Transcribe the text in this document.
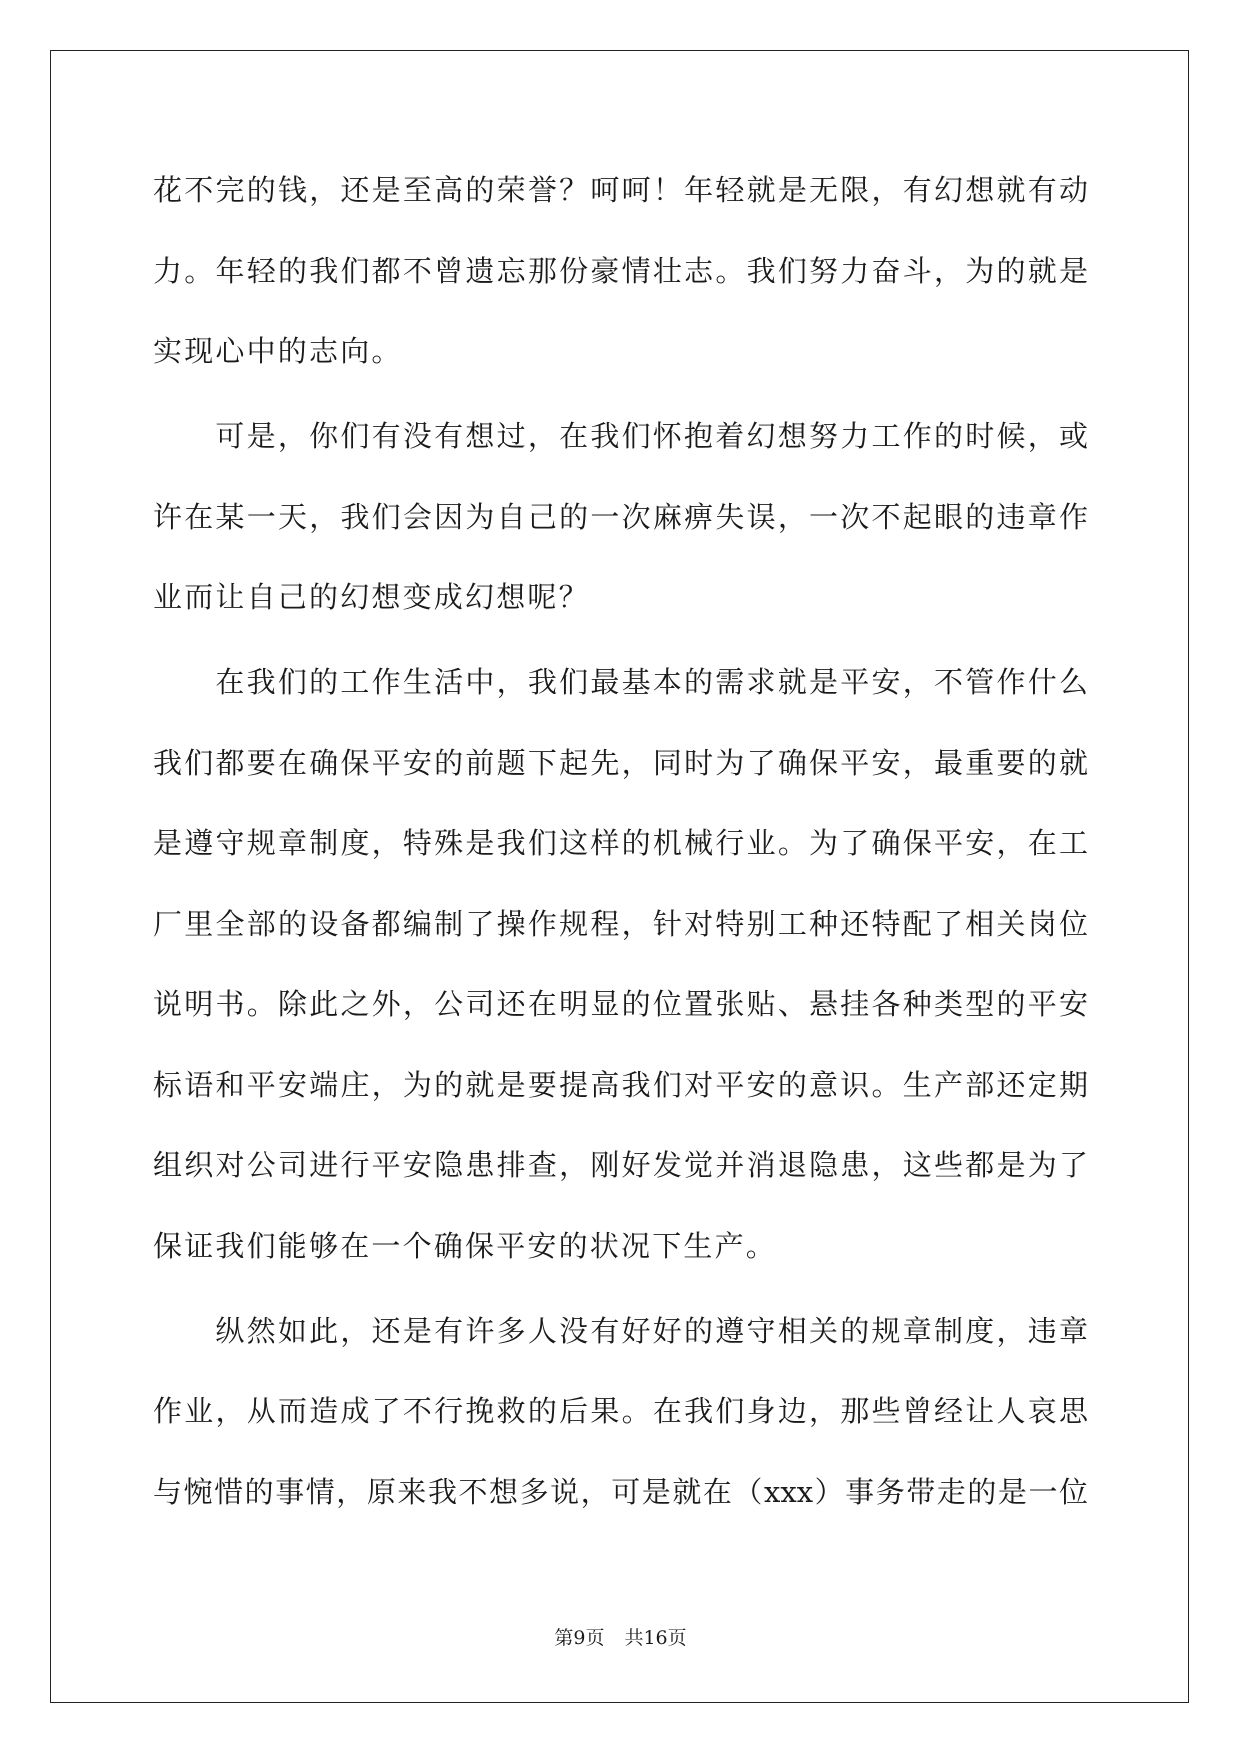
花不完的钱，还是至高的荣誉？呵呵！年轻就是无限，有幻想就有动
力。年轻的我们都不曾遗忘那份豪情壮志。我们努力奋斗，为的就是
实现心中的志向。

可是，你们有没有想过，在我们怀抱着幻想努力工作的时候，或
许在某一天，我们会因为自己的一次麻痹失误，一次不起眼的违章作
业而让自己的幻想变成幻想呢？

在我们的工作生活中，我们最基本的需求就是平安，不管作什么
我们都要在确保平安的前题下起先，同时为了确保平安，最重要的就
是遵守规章制度，特殊是我们这样的机械行业。为了确保平安，在工
厂里全部的设备都编制了操作规程，针对特别工种还特配了相关岗位
说明书。除此之外，公司还在明显的位置张贴、悬挂各种类型的平安
标语和平安端庄，为的就是要提高我们对平安的意识。生产部还定期
组织对公司进行平安隐患排查，刚好发觉并消退隐患，这些都是为了
保证我们能够在一个确保平安的状况下生产。

纵然如此，还是有许多人没有好好的遵守相关的规章制度，违章
作业，从而造成了不行挽救的后果。在我们身边，那些曾经让人哀思
与惋惜的事情，原来我不想多说，可是就在（xxx）事务带走的是一位

第9页 共16页
